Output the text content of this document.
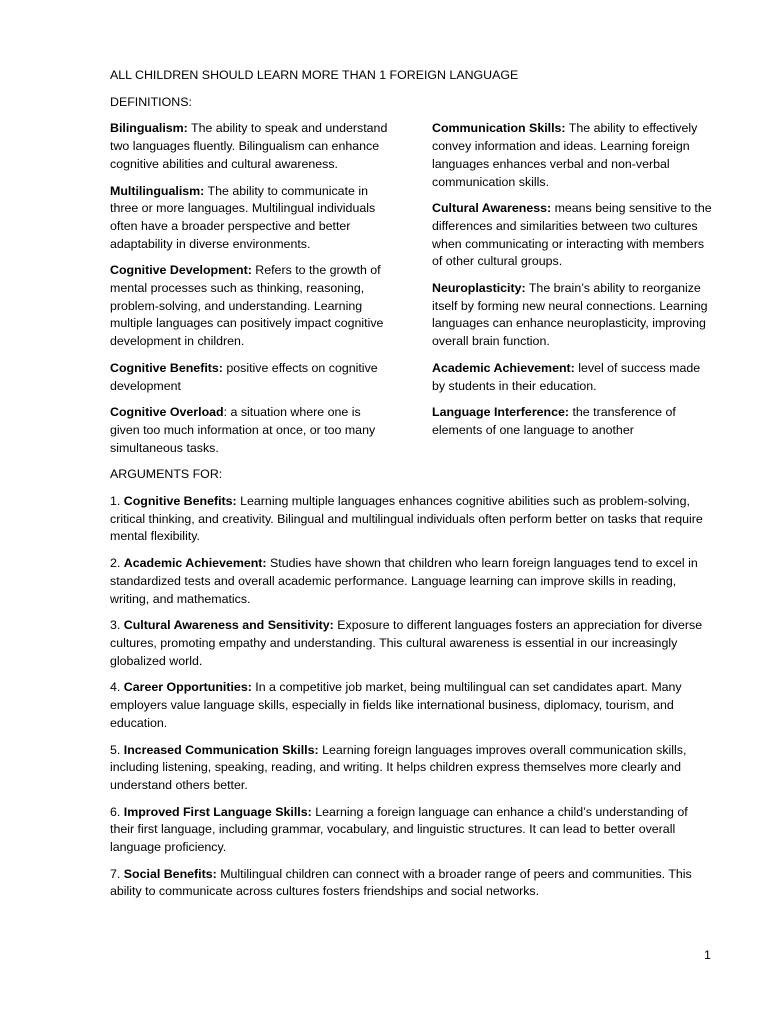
ALL CHILDREN SHOULD LEARN MORE THAN 1 FOREIGN LANGUAGE

DEFINITIONS:

Bilingualism: The ability to speak and understand two languages fluently. Bilingualism can enhance cognitive abilities and cultural awareness.

Multilingualism: The ability to communicate in three or more languages. Multilingual individuals often have a broader perspective and better adaptability in diverse environments.

Cognitive Development: Refers to the growth of mental processes such as thinking, reasoning, problem-solving, and understanding. Learning multiple languages can positively impact cognitive development in children.

Cognitive Benefits: positive effects on cognitive development

Cognitive Overload: a situation where one is given too much information at once, or too many simultaneous tasks.

Communication Skills: The ability to effectively convey information and ideas. Learning foreign languages enhances verbal and non-verbal communication skills.

Cultural Awareness: means being sensitive to the differences and similarities between two cultures when communicating or interacting with members of other cultural groups.

Neuroplasticity: The brain’s ability to reorganize itself by forming new neural connections. Learning languages can enhance neuroplasticity, improving overall brain function.

Academic Achievement: level of success made by students in their education.

Language Interference: the transference of elements of one language to another

ARGUMENTS FOR:

1. Cognitive Benefits: Learning multiple languages enhances cognitive abilities such as problem-solving, critical thinking, and creativity. Bilingual and multilingual individuals often perform better on tasks that require mental flexibility.

2. Academic Achievement: Studies have shown that children who learn foreign languages tend to excel in standardized tests and overall academic performance. Language learning can improve skills in reading, writing, and mathematics.

3. Cultural Awareness and Sensitivity: Exposure to different languages fosters an appreciation for diverse cultures, promoting empathy and understanding. This cultural awareness is essential in our increasingly globalized world.

4. Career Opportunities: In a competitive job market, being multilingual can set candidates apart. Many employers value language skills, especially in fields like international business, diplomacy, tourism, and education.

5. Increased Communication Skills: Learning foreign languages improves overall communication skills, including listening, speaking, reading, and writing. It helps children express themselves more clearly and understand others better.

6. Improved First Language Skills: Learning a foreign language can enhance a child’s understanding of their first language, including grammar, vocabulary, and linguistic structures. It can lead to better overall language proficiency.

7. Social Benefits: Multilingual children can connect with a broader range of peers and communities. This ability to communicate across cultures fosters friendships and social networks.

1
